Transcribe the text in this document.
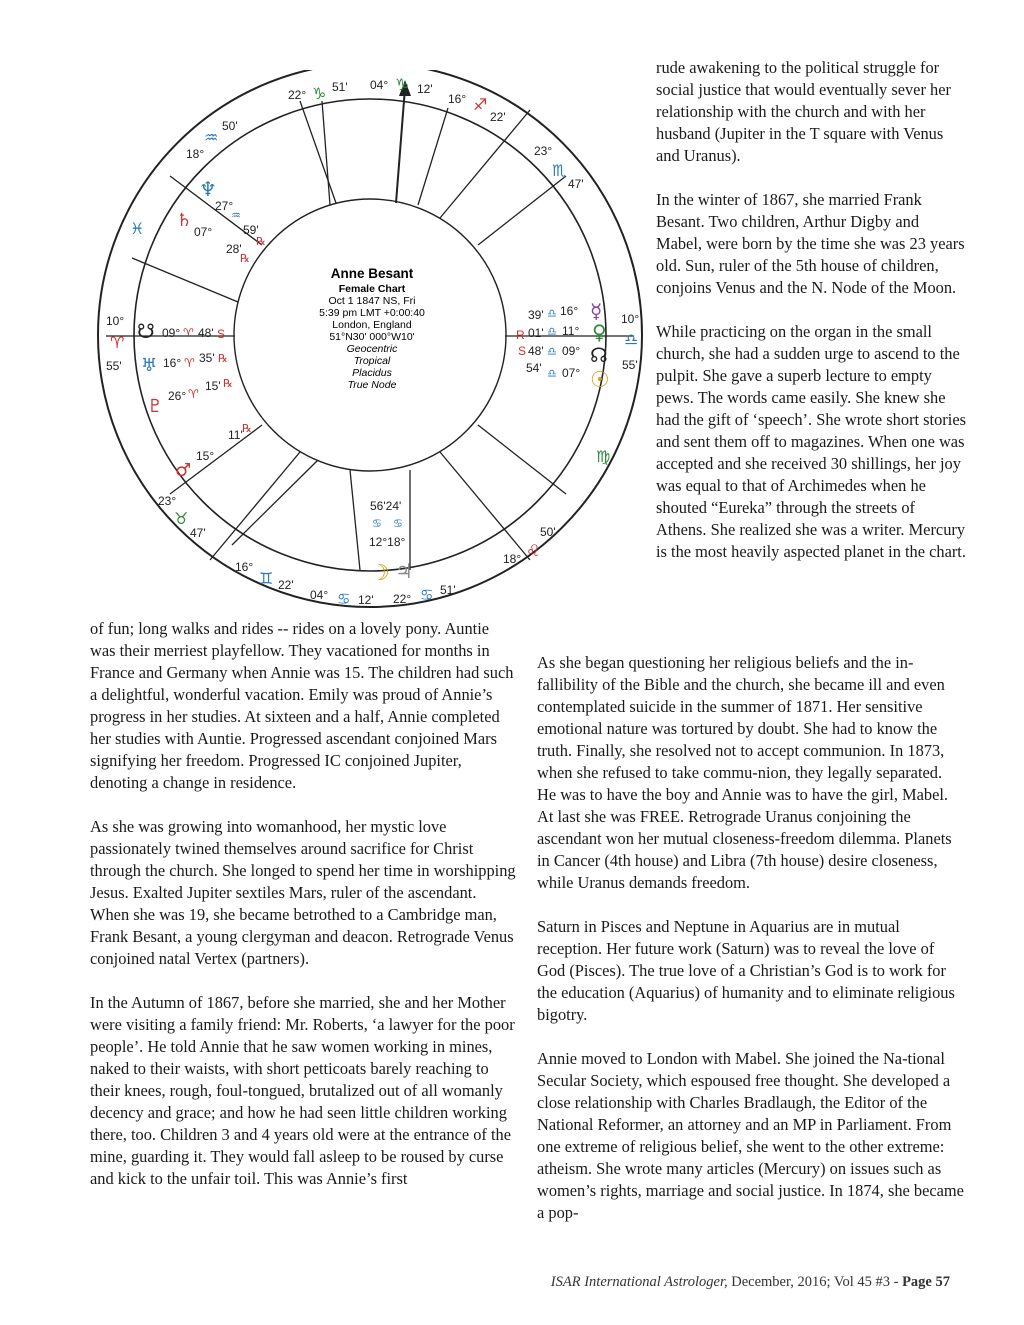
Anne Besant
Female Chart
Oct 1 1847 NS, Fri
5:39 pm LMT +0:00:40
London, England
51°N30' 000°W10'
Geocentric
Tropical
Placidus
True Node
22° ♑ 51' 04° ♑ 12'
16° ♐
22'
23°
♏
47'
10°
♎
55'
♍
50'
♌
18°
51'
♋
22°
12'
♋
04°
22'
♊
16°
47'
♉
23°
10°
♈
55'
♓
18°
♒
50'
♆
27°
♒
♄
07°	59'
℞
28'
℞
☋ 09° ♈ 48' S
♅ 16° ♈ 35' ℞
♇ 26° ♈
15' ℞
11' ℞
15°
♂
39' ♎ 16° ☿
R 01' ♎ 11° ♀
S 48' ♎ 09° ☊
54' ♎ 07° ☉
56'24'
♋ ♋
12°18°
☽ ♃

rude awakening to the political struggle for social justice that would eventually sever her relationship with the church and with her husband (Jupiter in the T square with Venus and Uranus).

In the winter of 1867, she married Frank Besant. Two children, Arthur Digby and Mabel, were born by the time she was 23 years old. Sun, ruler of the 5th house of children, conjoins Venus and the N. Node of the Moon.

While practicing on the organ in the small church, she had a sudden urge to ascend to the pulpit. She gave a superb lecture to empty pews. The words came easily. She knew she had the gift of ‘speech’. She wrote short stories and sent them off to magazines. When one was accepted and she received 30 shillings, her joy was equal to that of Archimedes when he shouted “Eureka” through the streets of Athens. She realized she was a writer. Mercury is the most heavily aspected planet in the chart.

of fun; long walks and rides -- rides on a lovely pony. Auntie was their merriest playfellow. They vacationed for months in France and Germany when Annie was 15. The children had such a delightful, wonderful vacation. Emily was proud of Annie’s progress in her studies. At sixteen and a half, Annie completed her studies with Auntie. Progressed ascendant conjoined Mars signifying her freedom. Progressed IC conjoined Jupiter, denoting a change in residence.

As she was growing into womanhood, her mystic love passionately twined themselves around sacrifice for Christ through the church. She longed to spend her time in worshipping Jesus. Exalted Jupiter sextiles Mars, ruler of the ascendant. When she was 19, she became betrothed to a Cambridge man, Frank Besant, a young clergyman and deacon. Retrograde Venus conjoined natal Vertex (partners).

In the Autumn of 1867, before she married, she and her Mother were visiting a family friend: Mr. Roberts, ‘a lawyer for the poor people’. He told Annie that he saw women working in mines, naked to their waists, with short petticoats barely reaching to their knees, rough, foul-tongued, brutalized out of all womanly decency and grace; and how he had seen little children working there, too. Children 3 and 4 years old were at the entrance of the mine, guarding it. They would fall asleep to be roused by curse and kick to the unfair toil. This was Annie’s first

As she began questioning her religious beliefs and the in-fallibility of the Bible and the church, she became ill and even contemplated suicide in the summer of 1871. Her sensitive emotional nature was tortured by doubt. She had to know the truth. Finally, she resolved not to accept communion. In 1873, when she refused to take commu-nion, they legally separated. He was to have the boy and Annie was to have the girl, Mabel. At last she was FREE. Retrograde Uranus conjoining the ascendant won her mutual closeness-freedom dilemma. Planets in Cancer (4th house) and Libra (7th house) desire closeness, while Uranus demands freedom.

Saturn in Pisces and Neptune in Aquarius are in mutual reception. Her future work (Saturn) was to reveal the love of God (Pisces). The true love of a Christian’s God is to work for the education (Aquarius) of humanity and to eliminate religious bigotry.

Annie moved to London with Mabel. She joined the Na-tional Secular Society, which espoused free thought. She developed a close relationship with Charles Bradlaugh, the Editor of the National Reformer, an attorney and an MP in Parliament. From one extreme of religious belief, she went to the other extreme: atheism. She wrote many articles (Mercury) on issues such as women’s rights, marriage and social justice. In 1874, she became a pop-

ISAR International Astrologer, December, 2016; Vol 45 #3 - Page 57
